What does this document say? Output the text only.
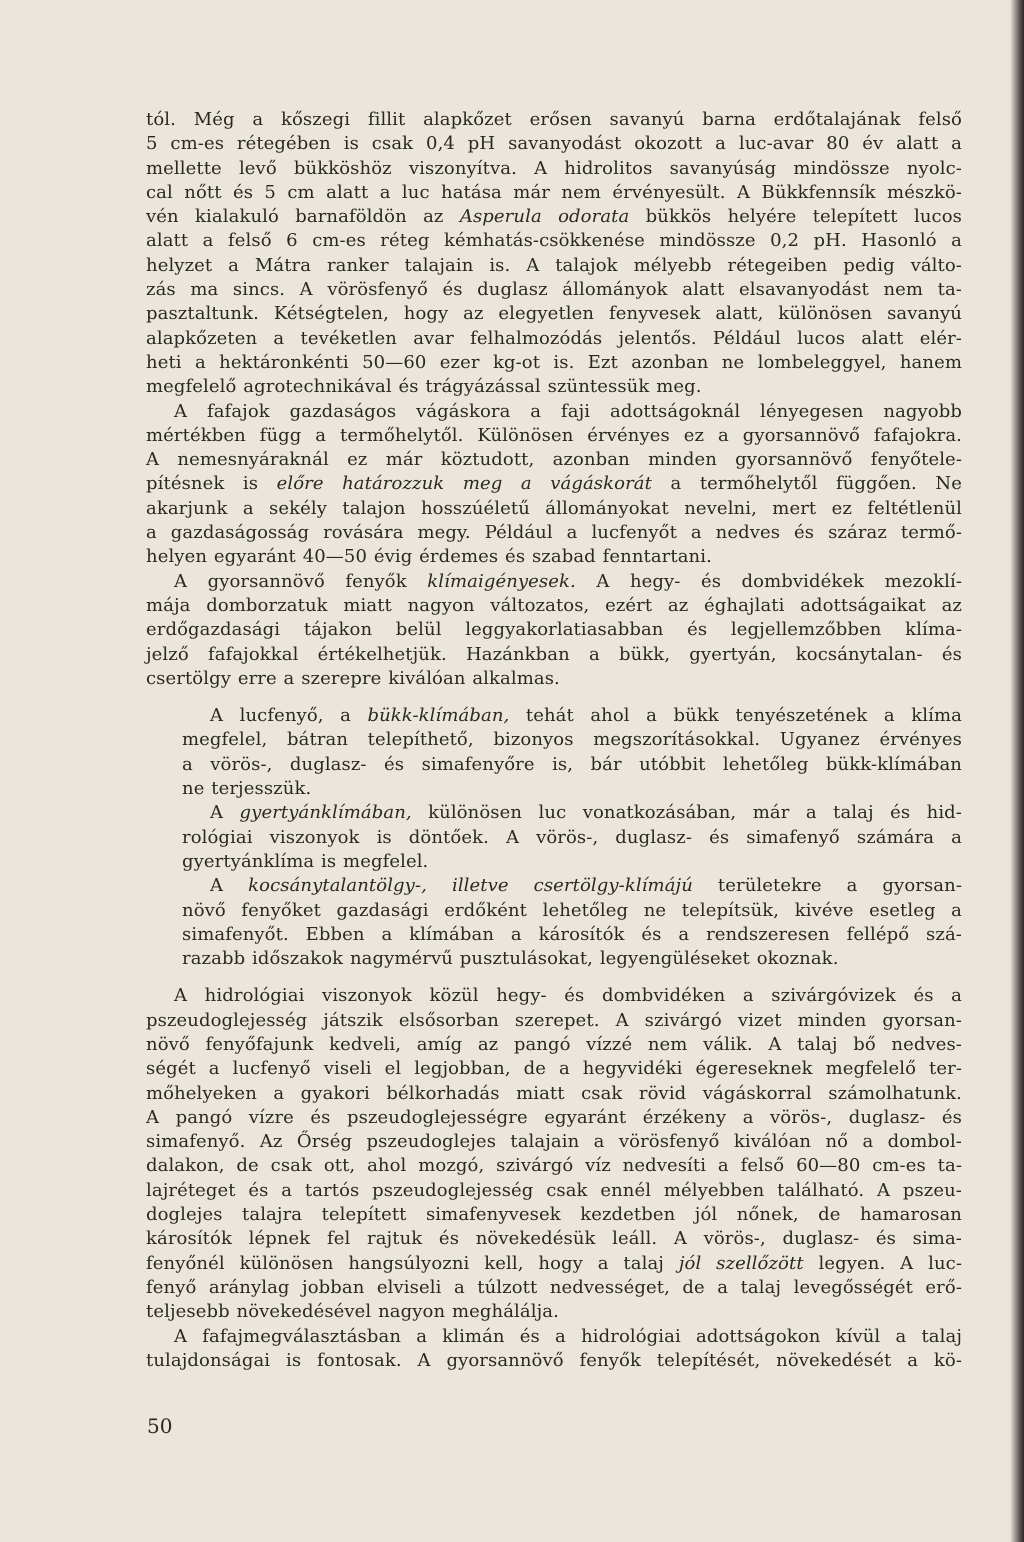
tól. Még a kőszegi fillit alapkőzet erősen savanyú barna erdőtalajának felső
5 cm-es rétegében is csak 0,4 pH savanyodást okozott a luc-avar 80 év alatt a
mellette levő bükköshöz viszonyítva. A hidrolitos savanyúság mindössze nyolc-
cal nőtt és 5 cm alatt a luc hatása már nem érvényesült. A Bükkfennsík mészkö-
vén kialakuló barnaföldön az Asperula odorata bükkös helyére telepített lucos
alatt a felső 6 cm-es réteg kémhatás-csökkenése mindössze 0,2 pH. Hasonló a
helyzet a Mátra ranker talajain is. A talajok mélyebb rétegeiben pedig válto-
zás ma sincs. A vörösfenyő és duglasz állományok alatt elsavanyodást nem ta-
pasztaltunk. Kétségtelen, hogy az elegyetlen fenyvesek alatt, különösen savanyú
alapkőzeten a tevéketlen avar felhalmozódás jelentős. Például lucos alatt elér-
heti a hektáronkénti 50—60 ezer kg-ot is. Ezt azonban ne lombeleggyel, hanem
megfelelő agrotechnikával és trágyázással szüntessük meg.
A fafajok gazdaságos vágáskora a faji adottságoknál lényegesen nagyobb
mértékben függ a termőhelytől. Különösen érvényes ez a gyorsannövő fafajokra.
A nemesnyáraknál ez már köztudott, azonban minden gyorsannövő fenyőtele-
pítésnek is előre határozzuk meg a vágáskorát a termőhelytől függően. Ne
akarjunk a sekély talajon hosszúéletű állományokat nevelni, mert ez feltétlenül
a gazdaságosság rovására megy. Például a lucfenyőt a nedves és száraz termő-
helyen egyaránt 40—50 évig érdemes és szabad fenntartani.
A gyorsannövő fenyők klímaigényesek. A hegy- és dombvidékek mezoklí-
mája domborzatuk miatt nagyon változatos, ezért az éghajlati adottságaikat az
erdőgazdasági tájakon belül leggyakorlatiasabban és legjellemzőbben klíma-
jelző fafajokkal értékelhetjük. Hazánkban a bükk, gyertyán, kocsánytalan- és
csertölgy erre a szerepre kiválóan alkalmas.
A lucfenyő, a bükk-klímában, tehát ahol a bükk tenyészetének a klíma
megfelel, bátran telepíthető, bizonyos megszorításokkal. Ugyanez érvényes
a vörös-, duglasz- és simafenyőre is, bár utóbbit lehetőleg bükk-klímában
ne terjesszük.
A gyertyánklímában, különösen luc vonatkozásában, már a talaj és hid-
rológiai viszonyok is döntőek. A vörös-, duglasz- és simafenyő számára a
gyertyánklíma is megfelel.
A kocsánytalantölgy-, illetve csertölgy-klímájú területekre a gyorsan-
növő fenyőket gazdasági erdőként lehetőleg ne telepítsük, kivéve esetleg a
simafenyőt. Ebben a klímában a károsítók és a rendszeresen fellépő szá-
razabb időszakok nagymérvű pusztulásokat, legyengüléseket okoznak.
A hidrológiai viszonyok közül hegy- és dombvidéken a szivárgóvizek és a
pszeudoglejesség játszik elsősorban szerepet. A szivárgó vizet minden gyorsan-
növő fenyőfajunk kedveli, amíg az pangó vízzé nem válik. A talaj bő nedves-
ségét a lucfenyő viseli el legjobban, de a hegyvidéki égereseknek megfelelő ter-
mőhelyeken a gyakori bélkorhadás miatt csak rövid vágáskorral számolhatunk.
A pangó vízre és pszeudoglejességre egyaránt érzékeny a vörös-, duglasz- és
simafenyő. Az Őrség pszeudoglejes talajain a vörösfenyő kiválóan nő a dombol-
dalakon, de csak ott, ahol mozgó, szivárgó víz nedvesíti a felső 60—80 cm-es ta-
lajréteget és a tartós pszeudoglejesség csak ennél mélyebben található. A pszeu-
doglejes talajra telepített simafenyvesek kezdetben jól nőnek, de hamarosan
károsítók lépnek fel rajtuk és növekedésük leáll. A vörös-, duglasz- és sima-
fenyőnél különösen hangsúlyozni kell, hogy a talaj jól szellőzött legyen. A luc-
fenyő aránylag jobban elviseli a túlzott nedvességet, de a talaj levegősségét erő-
teljesebb növekedésével nagyon meghálálja.
A fafajmegválasztásban a klimán és a hidrológiai adottságokon kívül a talaj
tulajdonságai is fontosak. A gyorsannövő fenyők telepítését, növekedését a kö-
50
